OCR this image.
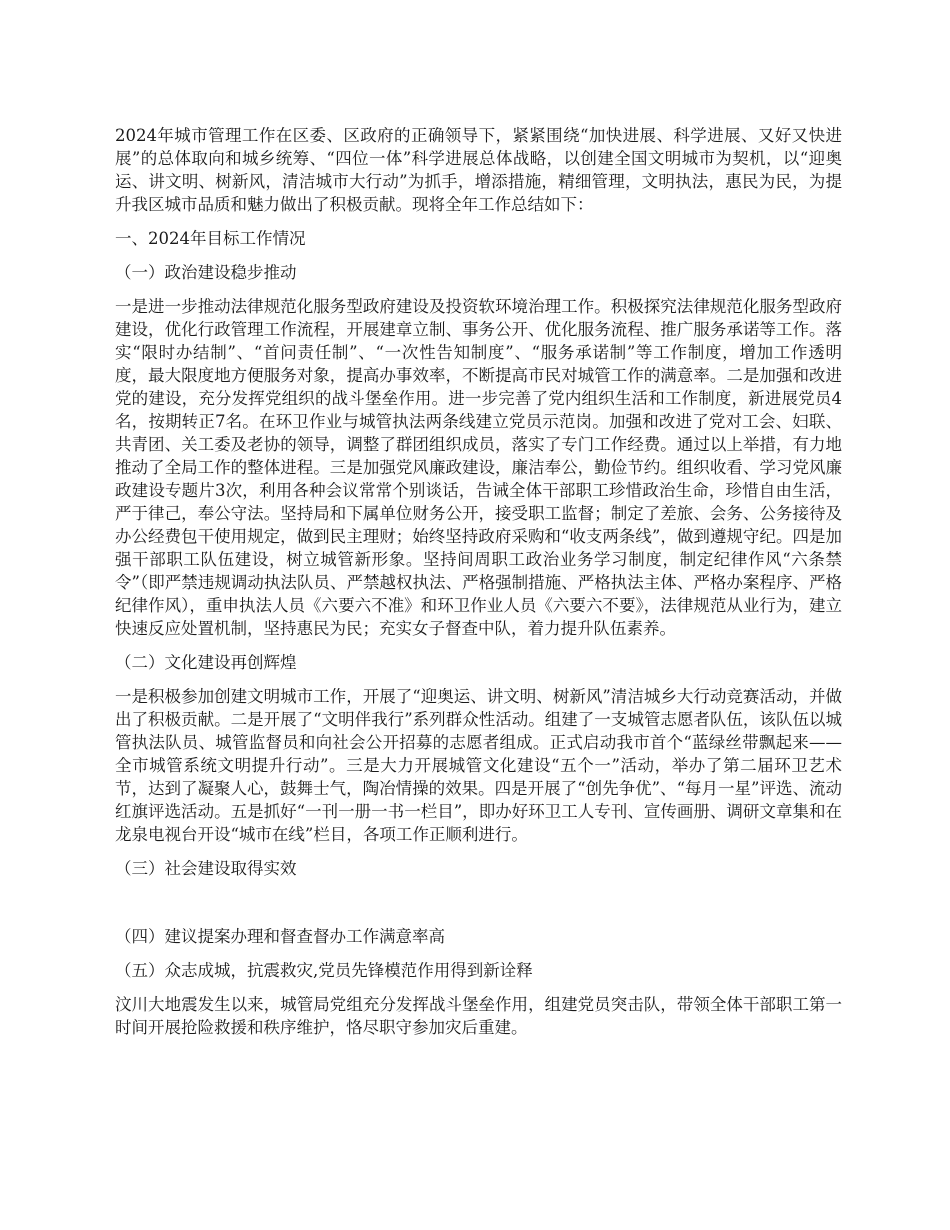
2024年城市管理工作在区委、区政府的正确领导下，紧紧围绕“加快进展、科学进展、又好又快进展”的总体取向和城乡统筹、“四位一体”科学进展总体战略，以创建全国文明城市为契机，以“迎奥运、讲文明、树新风，清洁城市大行动”为抓手，增添措施，精细管理，文明执法，惠民为民，为提升我区城市品质和魅力做出了积极贡献。现将全年工作总结如下：

一、2024年目标工作情况

（一）政治建设稳步推动

一是进一步推动法律规范化服务型政府建设及投资软环境治理工作。积极探究法律规范化服务型政府建设，优化行政管理工作流程，开展建章立制、事务公开、优化服务流程、推广服务承诺等工作。落实“限时办结制”、“首问责任制”、“一次性告知制度”、“服务承诺制”等工作制度，增加工作透明度，最大限度地方便服务对象，提高办事效率，不断提高市民对城管工作的满意率。二是加强和改进党的建设，充分发挥党组织的战斗堡垒作用。进一步完善了党内组织生活和工作制度，新进展党员4名，按期转正7名。在环卫作业与城管执法两条线建立党员示范岗。加强和改进了党对工会、妇联、共青团、关工委及老协的领导，调整了群团组织成员，落实了专门工作经费。通过以上举措，有力地推动了全局工作的整体进程。三是加强党风廉政建设，廉洁奉公，勤俭节约。组织收看、学习党风廉政建设专题片3次，利用各种会议常常个别谈话，告诫全体干部职工珍惜政治生命，珍惜自由生活，严于律己，奉公守法。坚持局和下属单位财务公开，接受职工监督；制定了差旅、会务、公务接待及办公经费包干使用规定，做到民主理财；始终坚持政府采购和“收支两条线”，做到遵规守纪。四是加强干部职工队伍建设，树立城管新形象。坚持间周职工政治业务学习制度，制定纪律作风“六条禁令”（即严禁违规调动执法队员、严禁越权执法、严格强制措施、严格执法主体、严格办案程序、严格纪律作风），重申执法人员《六要六不准》和环卫作业人员《六要六不要》，法律规范从业行为，建立快速反应处置机制，坚持惠民为民；充实女子督查中队，着力提升队伍素养。

（二）文化建设再创辉煌

一是积极参加创建文明城市工作，开展了“迎奥运、讲文明、树新风”清洁城乡大行动竞赛活动，并做出了积极贡献。二是开展了“文明伴我行”系列群众性活动。组建了一支城管志愿者队伍，该队伍以城管执法队员、城管监督员和向社会公开招募的志愿者组成。正式启动我市首个“蓝绿丝带飘起来——全市城管系统文明提升行动”。三是大力开展城管文化建设“五个一”活动，举办了第二届环卫艺术节，达到了凝聚人心，鼓舞士气，陶冶情操的效果。四是开展了“创先争优”、“每月一星”评选、流动红旗评选活动。五是抓好“一刊一册一书一栏目”，即办好环卫工人专刊、宣传画册、调研文章集和在龙泉电视台开设“城市在线”栏目，各项工作正顺利进行。

（三）社会建设取得实效

（四）建议提案办理和督查督办工作满意率高

（五）众志成城，抗震救灾,党员先锋模范作用得到新诠释

汶川大地震发生以来，城管局党组充分发挥战斗堡垒作用，组建党员突击队，带领全体干部职工第一时间开展抢险救援和秩序维护，恪尽职守参加灾后重建。
